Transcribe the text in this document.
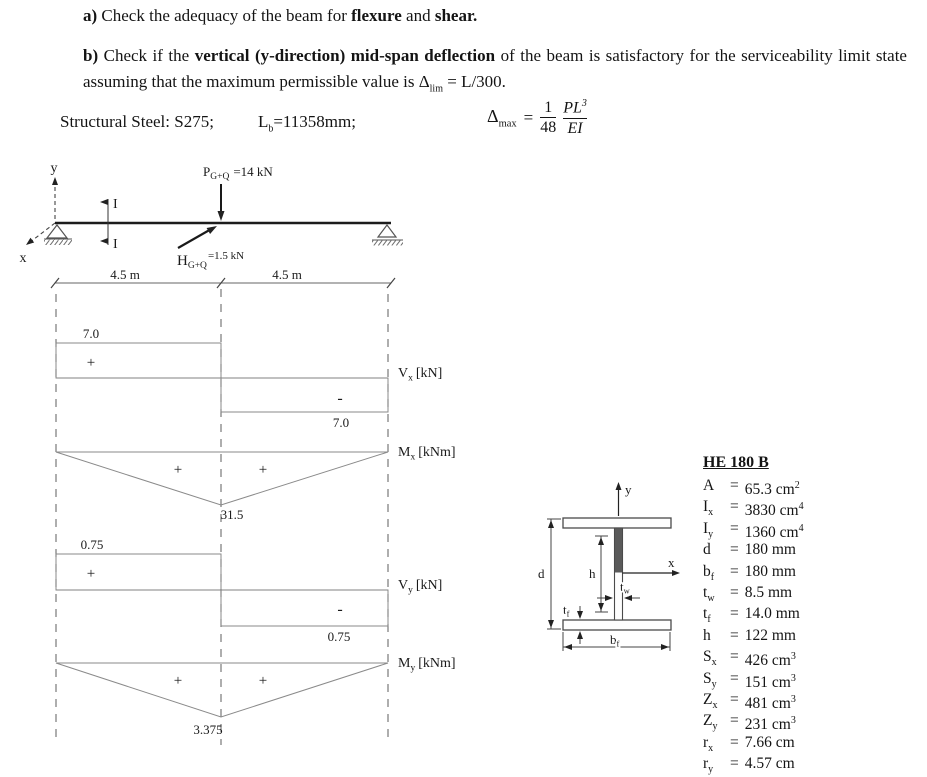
a) Check the adequacy of the beam for flexure and shear.

b) Check if the vertical (y-direction) mid-span deflection of the beam is satisfactory for the serviceability limit state assuming that the maximum permissible value is $\Delta_{lim} = L/300$.

Structural Steel: S275;	$L_b=11358mm$;	$\Delta_{max} = \frac{1}{48} \frac{PL^3}{EI}$
y
x
I
I
$P_{G+Q} =14$ kN
$HG+Q^{=1.5 kN}$
4.5 m	4.5 m
7.0
+
-
7.0
$V_x$ [kN]
+	+
31.5
$M_x$ [kNm]
0.75
+
-
0.75
$V_y$ [kN]
+	+
3.375
$M_y$ [kNm]
y
x
d	h
tw
tf
bf
HE 180 B
A	= 65.3 $cm^2$
$I_x$	= 3830 $cm^4$
$I_y$	= 1360 $cm^4$
d	= 180 mm
$b_f$	= 180 mm
$t_w = 8.5$ mm
$t_f$	= 14.0 mm
h	= 122 mm
$S_x = 426$ $cm^3$
$S_y = 151$ $cm^3$
$Z_x = 481$ $cm^3$
$Z_y = 231$ $cm^3$
$r_x$	= 7.66 cm
$r_y$	= 4.57 cm
